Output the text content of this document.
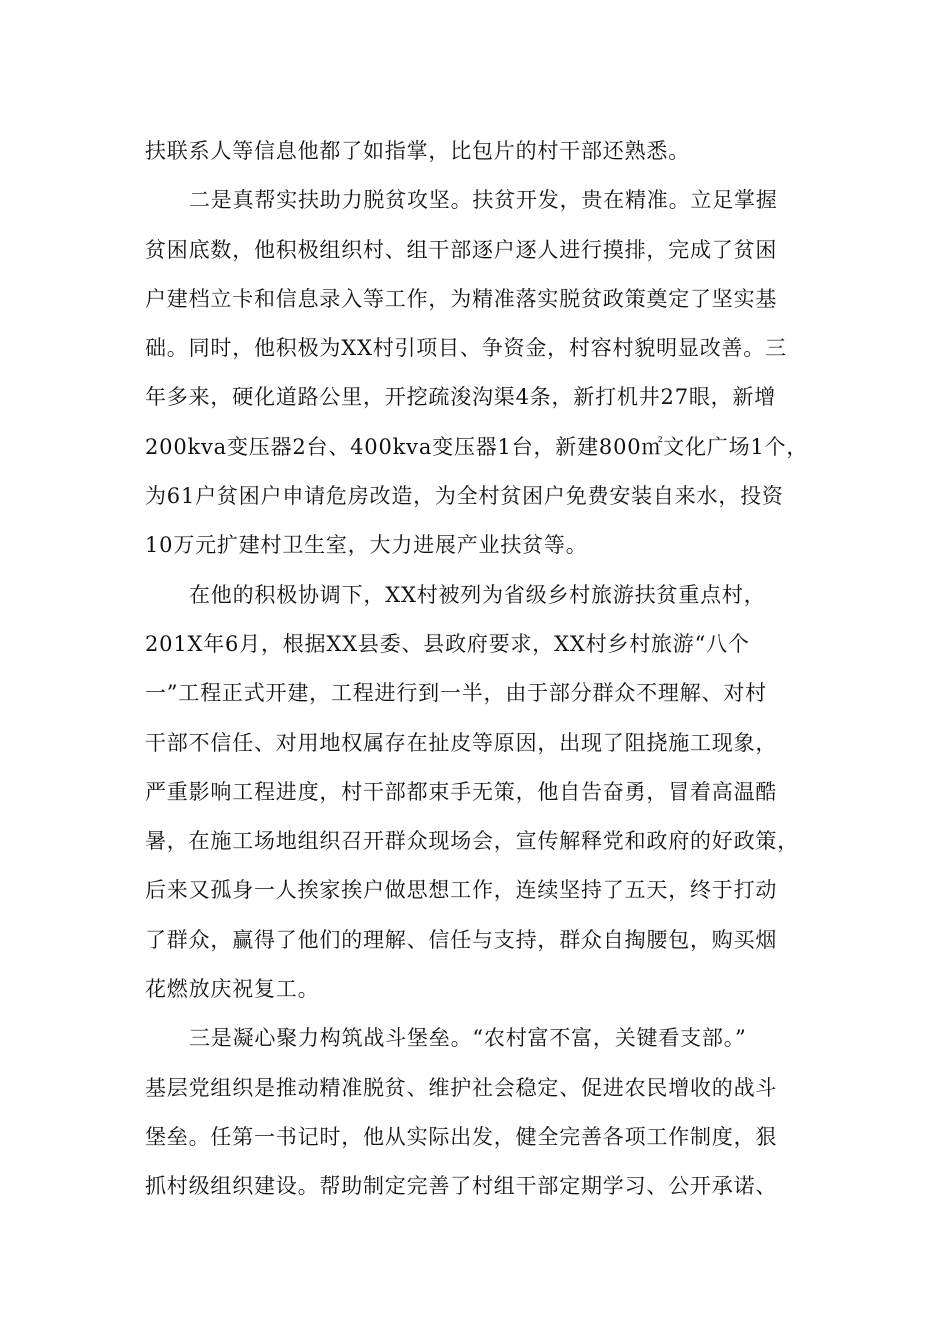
扶联系人等信息他都了如指掌，比包片的村干部还熟悉。
二是真帮实扶助力脱贫攻坚。扶贫开发，贵在精准。立足掌握
贫困底数，他积极组织村、组干部逐户逐人进行摸排，完成了贫困
户建档立卡和信息录入等工作，为精准落实脱贫政策奠定了坚实基
础。同时，他积极为XX村引项目、争资金，村容村貌明显改善。三
年多来，硬化道路公里，开挖疏浚沟渠4条，新打机井27眼，新增
200kva变压器2台、400kva变压器1台，新建800㎡文化广场1个，
为61户贫困户申请危房改造，为全村贫困户免费安装自来水，投资
10万元扩建村卫生室，大力进展产业扶贫等。
在他的积极协调下，XX村被列为省级乡村旅游扶贫重点村，
201X年6月，根据XX县委、县政府要求，XX村乡村旅游“八个
一”工程正式开建，工程进行到一半，由于部分群众不理解、对村
干部不信任、对用地权属存在扯皮等原因，出现了阻挠施工现象，
严重影响工程进度，村干部都束手无策，他自告奋勇，冒着高温酷
暑，在施工场地组织召开群众现场会，宣传解释党和政府的好政策，
后来又孤身一人挨家挨户做思想工作，连续坚持了五天，终于打动
了群众，赢得了他们的理解、信任与支持，群众自掏腰包，购买烟
花燃放庆祝复工。
三是凝心聚力构筑战斗堡垒。“农村富不富，关键看支部。”
基层党组织是推动精准脱贫、维护社会稳定、促进农民增收的战斗
堡垒。任第一书记时，他从实际出发，健全完善各项工作制度，狠
抓村级组织建设。帮助制定完善了村组干部定期学习、公开承诺、
